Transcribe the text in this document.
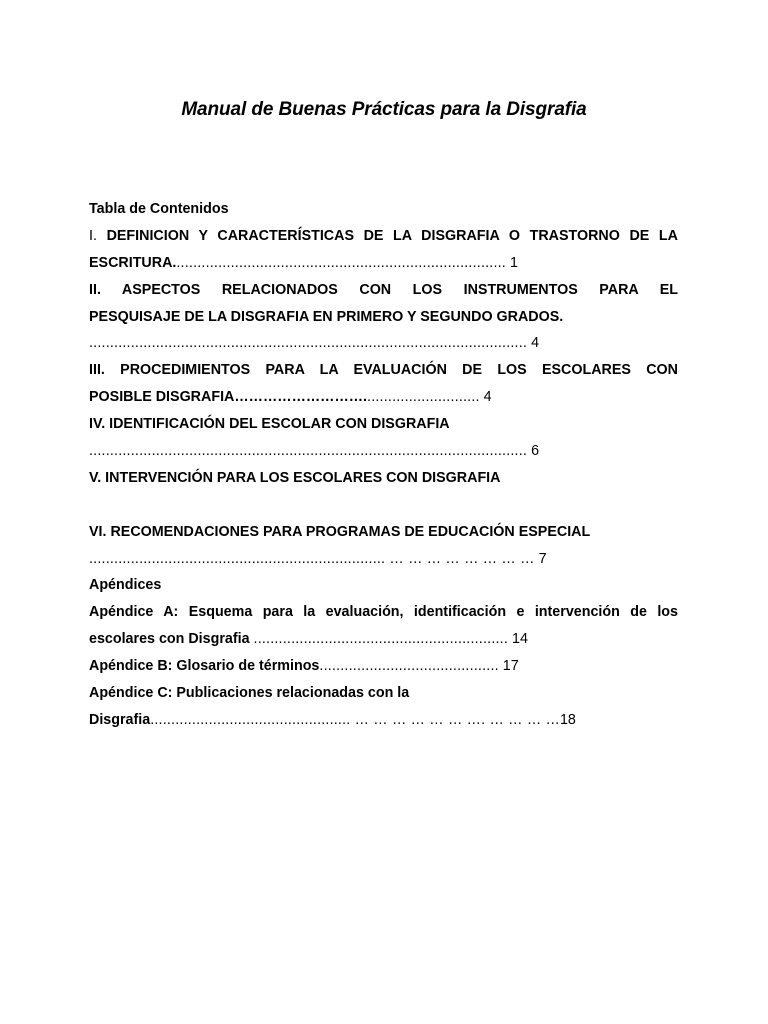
Manual de Buenas Prácticas para la Disgrafia
Tabla de Contenidos
I. DEFINICION Y CARACTERÍSTICAS DE LA DISGRAFIA O TRASTORNO DE LA
ESCRITURA................................................................................ 1
II. ASPECTOS RELACIONADOS CON LOS INSTRUMENTOS PARA EL
PESQUISAJE DE LA DISGRAFIA EN PRIMERO Y SEGUNDO GRADOS.
......................................................................................................... 4
III. PROCEDIMIENTOS PARA LA EVALUACIÓN DE LOS ESCOLARES CON
POSIBLE DISGRAFIA………………………............................ 4
IV. IDENTIFICACIÓN DEL ESCOLAR CON DISGRAFIA
......................................................................................................... 6
V. INTERVENCIÓN PARA LOS ESCOLARES CON DISGRAFIA
VI. RECOMENDACIONES PARA PROGRAMAS DE EDUCACIÓN ESPECIAL
....................................................................... … … … … … … … … 7
Apéndices
Apéndice A: Esquema para la evaluación, identificación e intervención de los
escolares con Disgrafia ............................................................. 14
Apéndice B: Glosario de términos........................................... 17
Apéndice C: Publicaciones relacionadas con la
Disgrafia................................................ … … … … … … …. … … … …18
